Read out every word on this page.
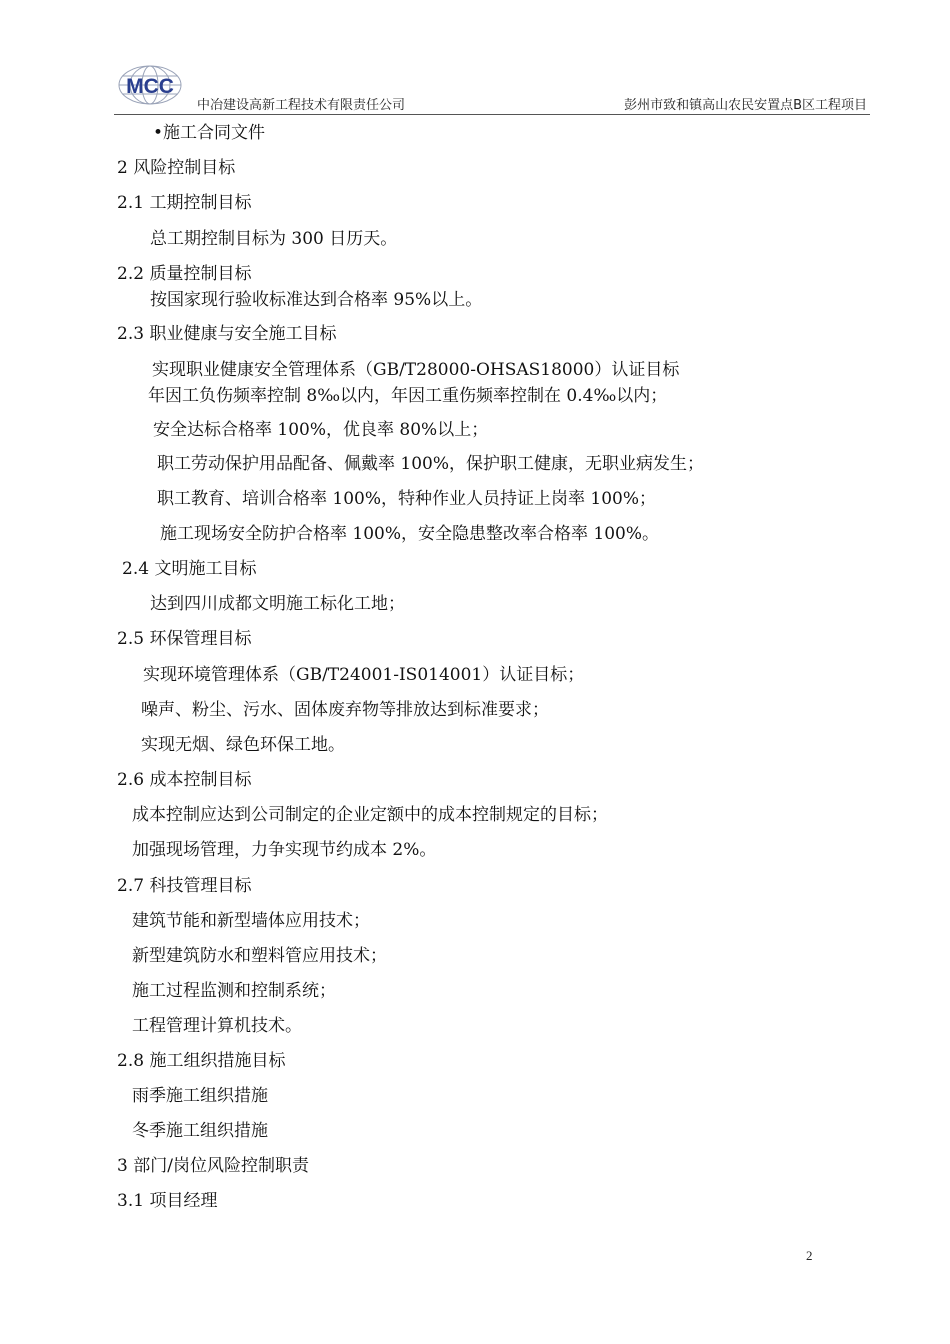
MCC
中冶建设高新工程技术有限责任公司	彭州市致和镇高山农民安置点B区工程项目
•施工合同文件
2 风险控制目标
2.1 工期控制目标
总工期控制目标为 300 日历天。
2.2 质量控制目标
按国家现行验收标准达到合格率 95%以上。
2.3 职业健康与安全施工目标
实现职业健康安全管理体系（GB/T28000-OHSAS18000）认证目标
年因工负伤频率控制 8‰以内，年因工重伤频率控制在 0.4‰以内；
安全达标合格率 100%，优良率 80%以上；
职工劳动保护用品配备、佩戴率 100%，保护职工健康，无职业病发生；
职工教育、培训合格率 100%，特种作业人员持证上岗率 100%；
施工现场安全防护合格率 100%，安全隐患整改率合格率 100%。
2.4 文明施工目标
达到四川成都文明施工标化工地；
2.5 环保管理目标
实现环境管理体系（GB/T24001-IS014001）认证目标；
噪声、粉尘、污水、固体废弃物等排放达到标准要求；
实现无烟、绿色环保工地。
2.6 成本控制目标
成本控制应达到公司制定的企业定额中的成本控制规定的目标；
加强现场管理，力争实现节约成本 2%。
2.7 科技管理目标
建筑节能和新型墙体应用技术；
新型建筑防水和塑料管应用技术；
施工过程监测和控制系统；
工程管理计算机技术。
2.8 施工组织措施目标
雨季施工组织措施
冬季施工组织措施
3 部门/岗位风险控制职责
3.1 项目经理
2
